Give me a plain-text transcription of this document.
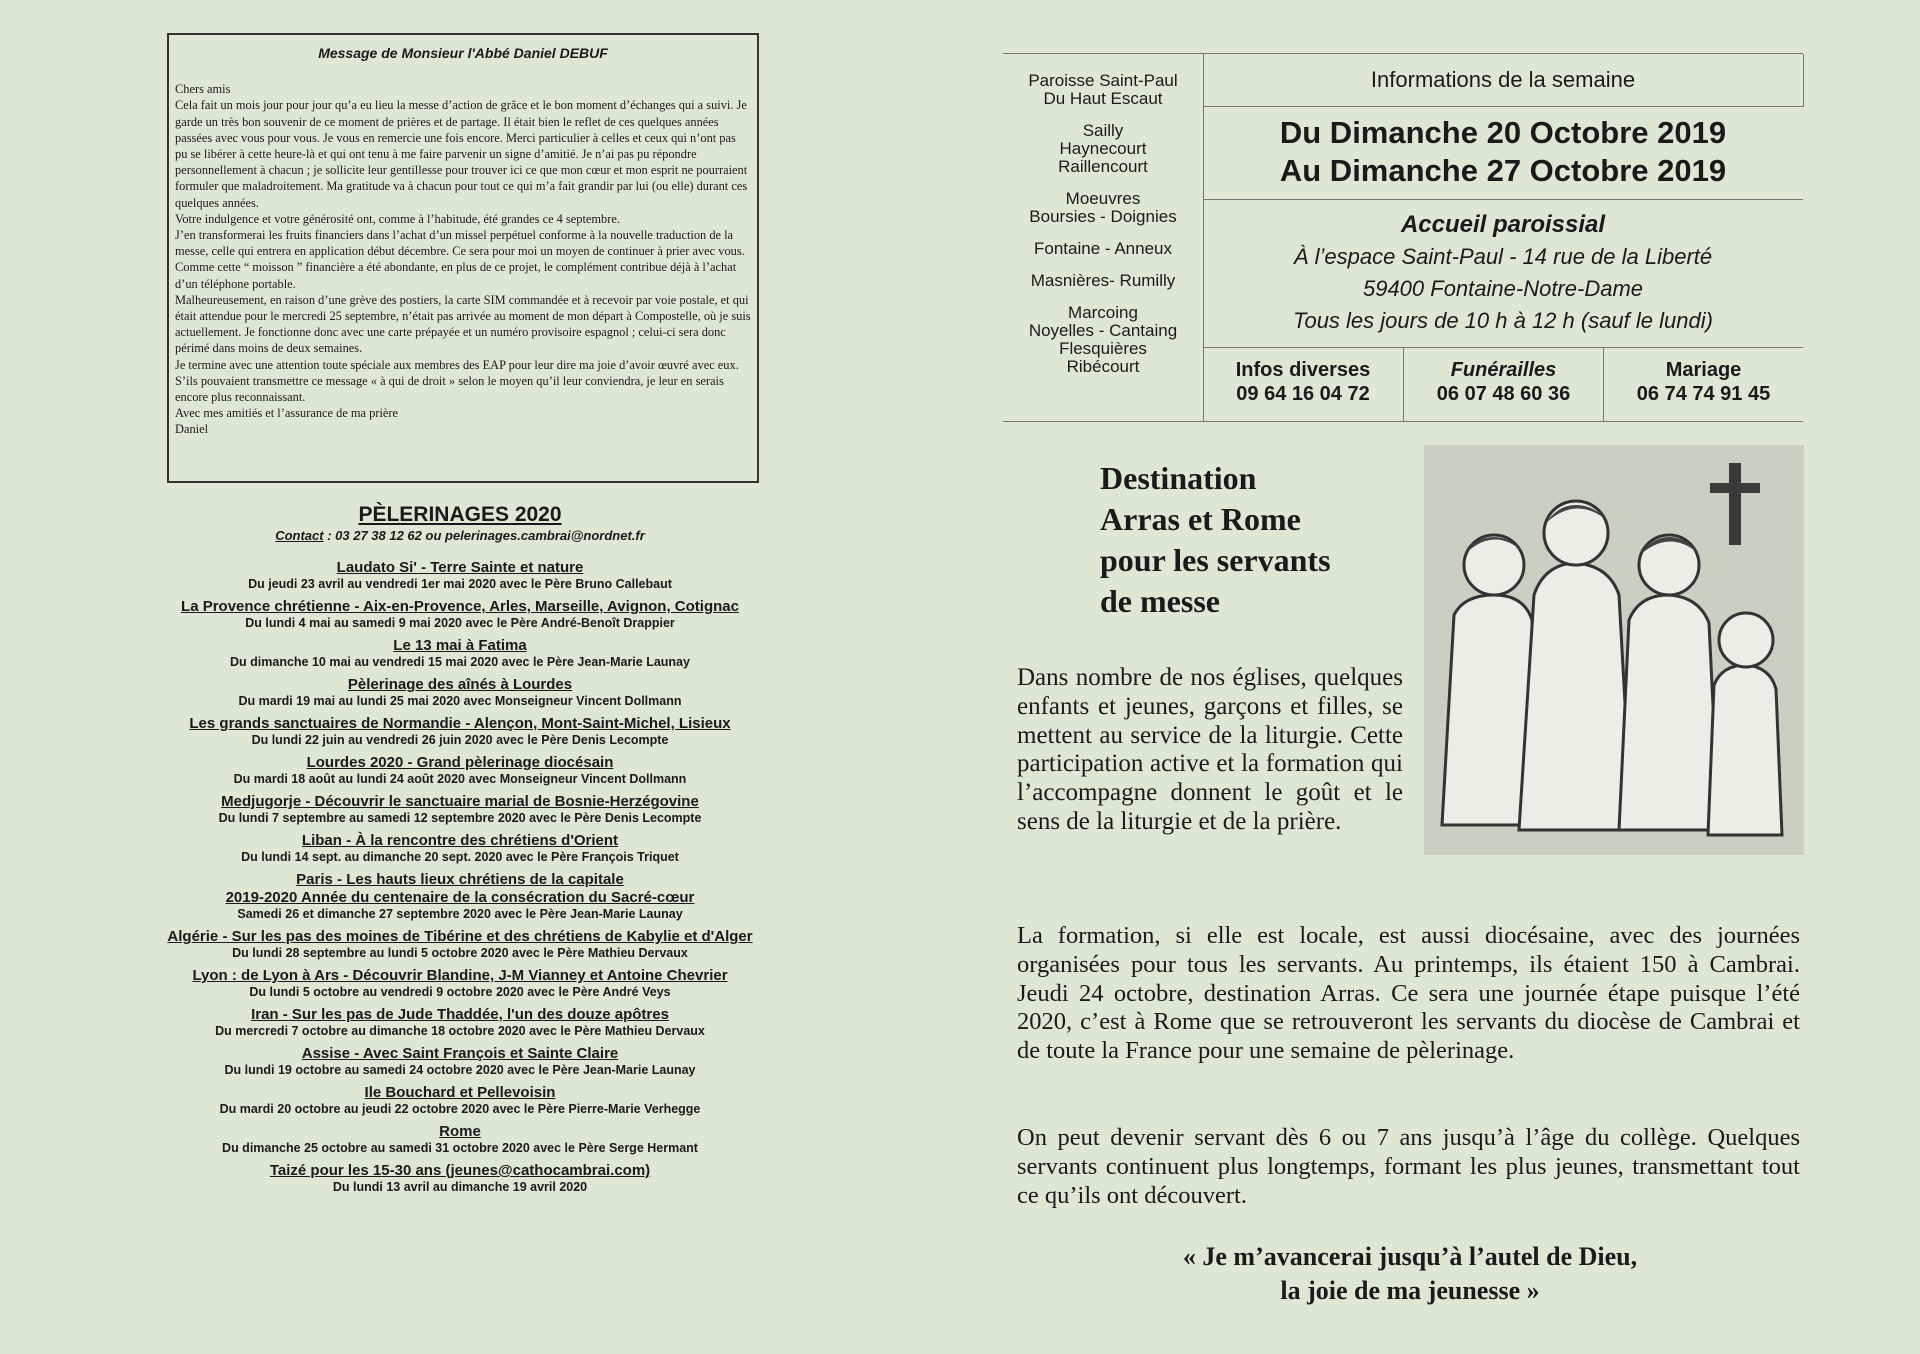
Message de Monsieur l'Abbé Daniel DEBUF

Chers amis

Cela fait un mois jour pour jour qu’a eu lieu la messe d’action de grâce et le bon moment d’échanges qui a suivi. Je garde un très bon souvenir de ce moment de prières et de partage. Il était bien le reflet de ces quelques années passées avec vous pour vous. Je vous en remercie une fois encore. Merci particulier à celles et ceux qui n’ont pas pu se libérer à cette heure-là et qui ont tenu à me faire parvenir un signe d’amitié. Je n’ai pas pu répondre personnellement à chacun ; je sollicite leur gentillesse pour trouver ici ce que mon cœur et mon esprit ne pourraient formuler que maladroitement. Ma gratitude va à chacun pour tout ce qui m’a fait grandir par lui (ou elle) durant ces quelques années.

Votre indulgence et votre générosité ont, comme à l’habitude, été grandes ce 4 septembre.

J’en transformerai les fruits financiers dans l’achat d’un missel perpétuel conforme à la nouvelle traduction de la messe, celle qui entrera en application début décembre. Ce sera pour moi un moyen de continuer à prier avec vous. Comme cette “ moisson ” financière a été abondante, en plus de ce projet, le complément contribue déjà à l’achat d’un téléphone portable.

Malheureusement, en raison d’une grève des postiers, la carte SIM commandée et à recevoir par voie postale, et qui était attendue pour le mercredi 25 septembre, n’était pas arrivée au moment de mon départ à Compostelle, où je suis actuellement. Je fonctionne donc avec une carte prépayée et un numéro provisoire espagnol ; celui-ci sera donc périmé dans moins de deux semaines.

Je termine avec une attention toute spéciale aux membres des EAP pour leur dire ma joie d’avoir œuvré avec eux. S’ils pouvaient transmettre ce message « à qui de droit » selon le moyen qu’il leur conviendra, je leur en serais encore plus reconnaissant.

Avec mes amitiés et l’assurance de ma prière

Daniel

PÈLERINAGES 2020
Contact : 03 27 38 12 62 ou pelerinages.cambrai@nordnet.fr
Laudato Si' - Terre Sainte et nature
Du jeudi 23 avril au vendredi 1er mai 2020 avec le Père Bruno Callebaut
La Provence chrétienne - Aix-en-Provence, Arles, Marseille, Avignon, Cotignac
Du lundi 4 mai au samedi 9 mai 2020 avec le Père André-Benoît Drappier
Le 13 mai à Fatima
Du dimanche 10 mai au vendredi 15 mai 2020 avec le Père Jean-Marie Launay
Pèlerinage des aînés à Lourdes
Du mardi 19 mai au lundi 25 mai 2020 avec Monseigneur Vincent Dollmann
Les grands sanctuaires de Normandie - Alençon, Mont-Saint-Michel, Lisieux
Du lundi 22 juin au vendredi 26 juin 2020 avec le Père Denis Lecompte
Lourdes 2020 - Grand pèlerinage diocésain
Du mardi 18 août au lundi 24 août 2020 avec Monseigneur Vincent Dollmann
Medjugorje - Découvrir le sanctuaire marial de Bosnie-Herzégovine
Du lundi 7 septembre au samedi 12 septembre 2020 avec le Père Denis Lecompte
Liban - À la rencontre des chrétiens d'Orient
Du lundi 14 sept. au dimanche 20 sept. 2020 avec le Père François Triquet
Paris - Les hauts lieux chrétiens de la capitale
2019-2020 Année du centenaire de la consécration du Sacré-cœur
Samedi 26 et dimanche 27 septembre 2020 avec le Père Jean-Marie Launay
Algérie - Sur les pas des moines de Tibérine et des chrétiens de Kabylie et d'Alger
Du lundi 28 septembre au lundi 5 octobre 2020 avec le Père Mathieu Dervaux
Lyon : de Lyon à Ars - Découvrir Blandine, J-M Vianney et Antoine Chevrier
Du lundi 5 octobre au vendredi 9 octobre 2020 avec le Père André Veys
Iran - Sur les pas de Jude Thaddée, l'un des douze apôtres
Du mercredi 7 octobre au dimanche 18 octobre 2020 avec le Père Mathieu Dervaux
Assise - Avec Saint François et Sainte Claire
Du lundi 19 octobre au samedi 24 octobre 2020 avec le Père Jean-Marie Launay
Ile Bouchard et Pellevoisin
Du mardi 20 octobre au jeudi 22 octobre 2020 avec le Père Pierre-Marie Verhegge
Rome
Du dimanche 25 octobre au samedi 31 octobre 2020 avec le Père Serge Hermant
Taizé pour les 15-30 ans (jeunes@cathocambrai.com)
Du lundi 13 avril au dimanche 19 avril 2020
Paroisse Saint-Paul
Du Haut Escaut
Sailly
Haynecourt
Raillencourt
Moeuvres
Boursies - Doignies
Fontaine - Anneux
Masnières- Rumilly
Marcoing
Noyelles - Cantaing
Flesquières
Ribécourt
Informations de la semaine
Du Dimanche 20 Octobre 2019
Au Dimanche 27 Octobre 2019
Accueil paroissial
À l’espace Saint-Paul - 14 rue de la Liberté
59400 Fontaine-Notre-Dame
Tous les jours de 10 h à 12 h (sauf le lundi)
Infos diverses
09 64 16 04 72
Funérailles
06 07 48 60 36
Mariage
06 74 74 91 45
Destination
Arras et Rome
pour les servants
de messe

Dans nombre de nos églises, quelques enfants et jeunes, garçons et filles, se mettent au service de la liturgie. Cette participation active et la formation qui l’accompagne donnent le goût et le sens de la liturgie et de la prière.

La formation, si elle est locale, est aussi diocésaine, avec des journées organisées pour tous les servants. Au printemps, ils étaient 150 à Cambrai. Jeudi 24 octobre, destination Arras. Ce sera une journée étape puisque l’été 2020, c’est à Rome que se retrouveront les servants du diocèse de Cambrai et de toute la France pour une semaine de pèlerinage.

On peut devenir servant dès 6 ou 7 ans jusqu’à l’âge du collège. Quelques servants continuent plus longtemps, formant les plus jeunes, transmettant tout ce qu’ils ont découvert.

« Je m’avancerai jusqu’à l’autel de Dieu,
la joie de ma jeunesse »
